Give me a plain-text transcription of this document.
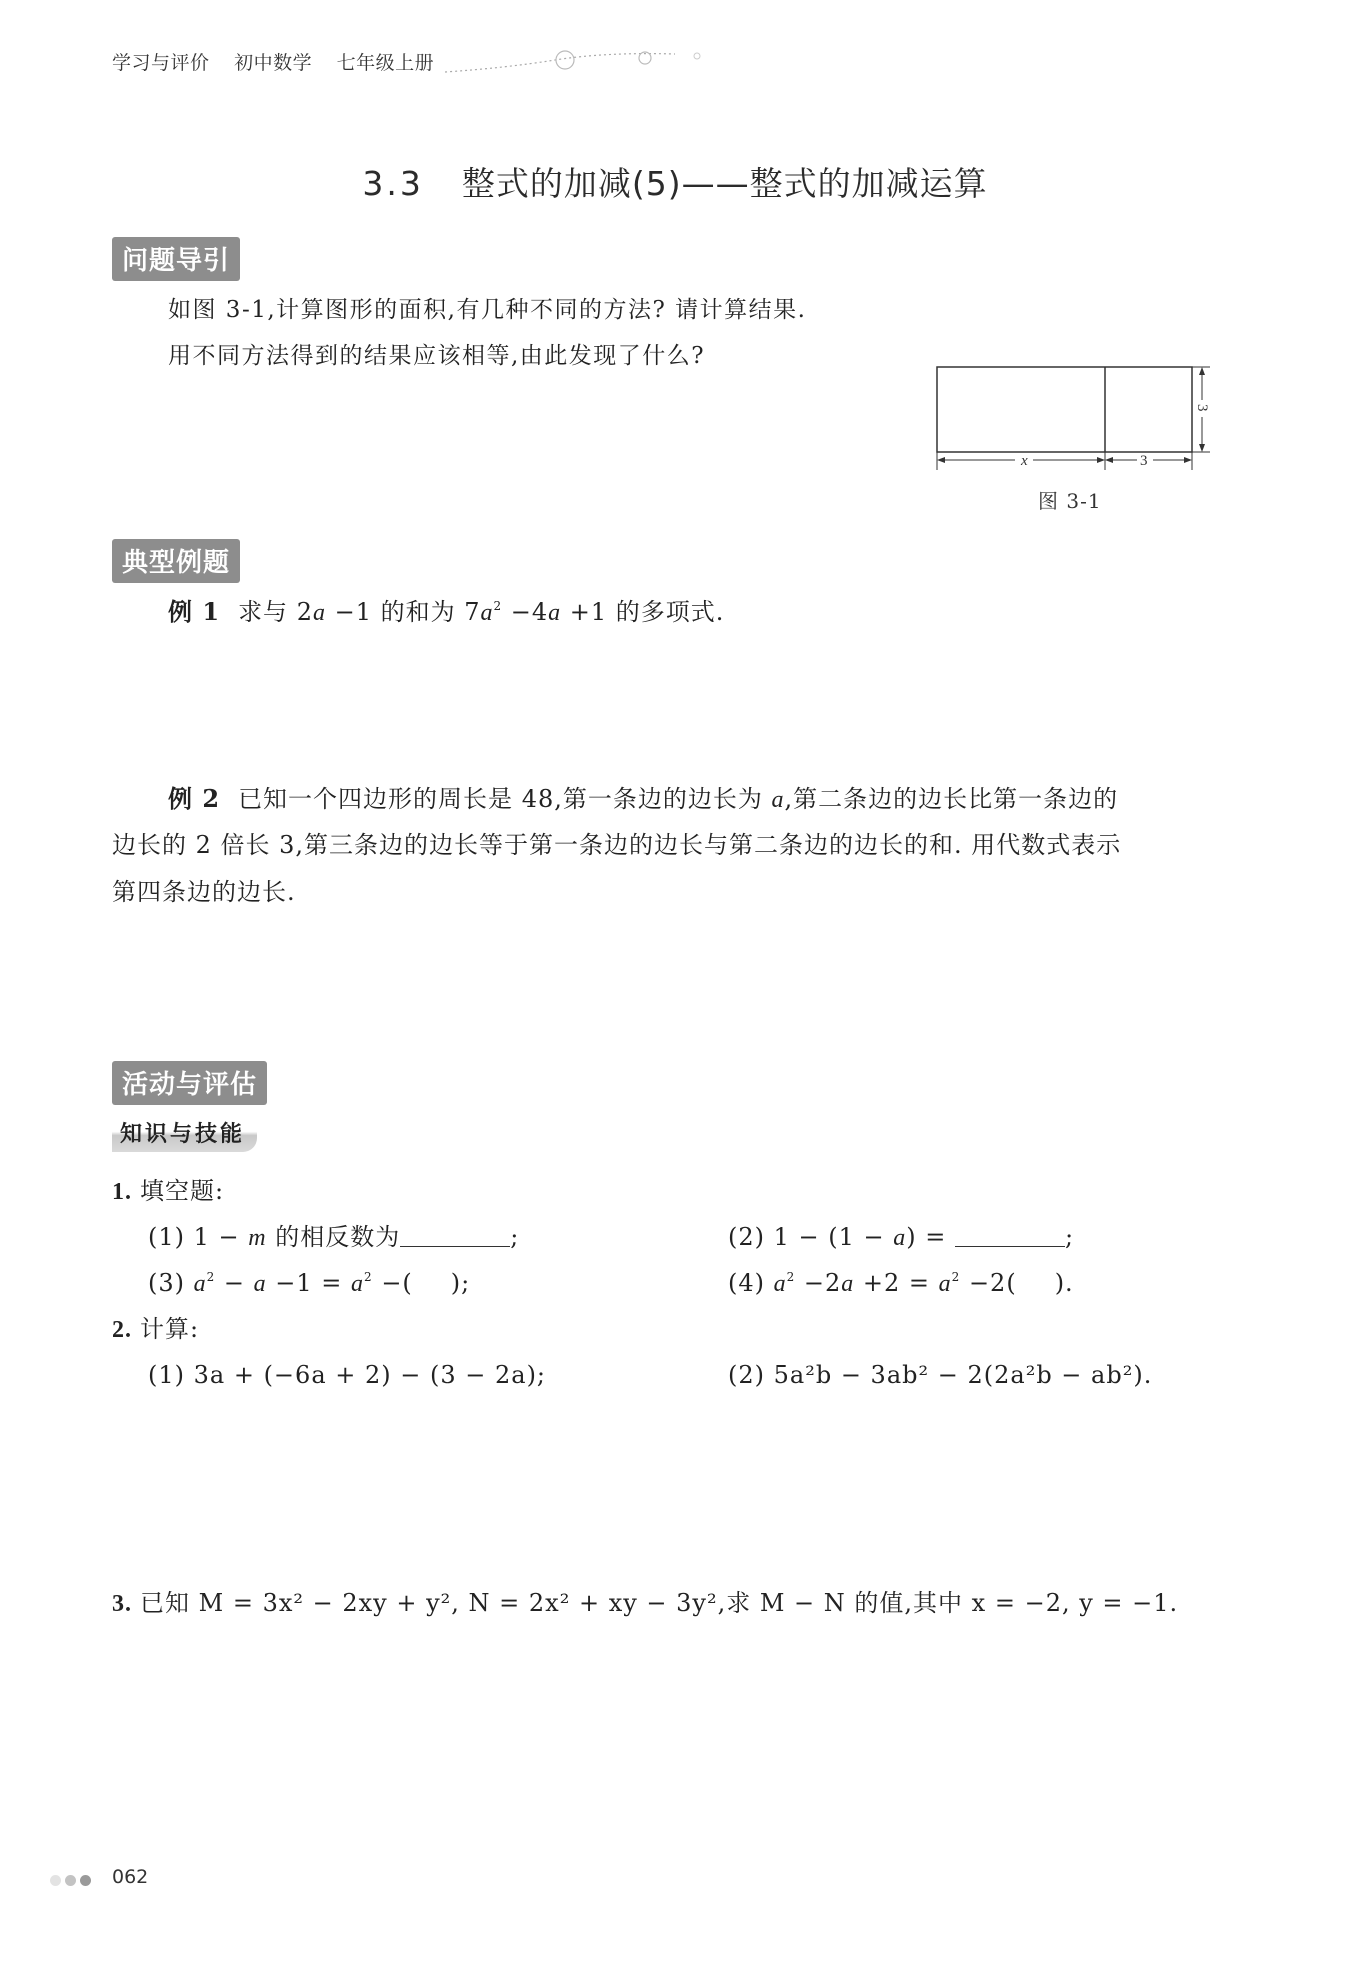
学习与评价 初中数学 七年级上册
3.3 整式的加减(5)——整式的加减运算
问题导引
如图 3-1,计算图形的面积,有几种不同的方法? 请计算结果.
用不同方法得到的结果应该相等,由此发现了什么?
x	3
3
图 3-1
典型例题
例 1 求与 2a −1 的和为 $7a^2 -4a +1$ 的多项式.
例 2 已知一个四边形的周长是 48,第一条边的边长为 a,第二条边的边长比第一条边的
边长的 2 倍长 3,第三条边的边长等于第一条边的边长与第二条边的边长的和. 用代数式表示
第四条边的边长.
活动与评估
知识与技能
1. 填空题:
(1) 1 − m 的相反数为	;	(2) 1 − (1 − a) =	;
(3) $a^2 - a -1 = a^2$ −( );	(4) $a^2 -2a +2 = a^2 -2$( ).
2. 计算:
(1) 3a + (−6a + 2) − (3 − 2a);	(2) 5a²b − 3ab² − 2(2a²b − ab²).
3. 已知 M = 3x² − 2xy + y², N = 2x² + xy − 3y²,求 M − N 的值,其中 x = −2, y = −1.
062
